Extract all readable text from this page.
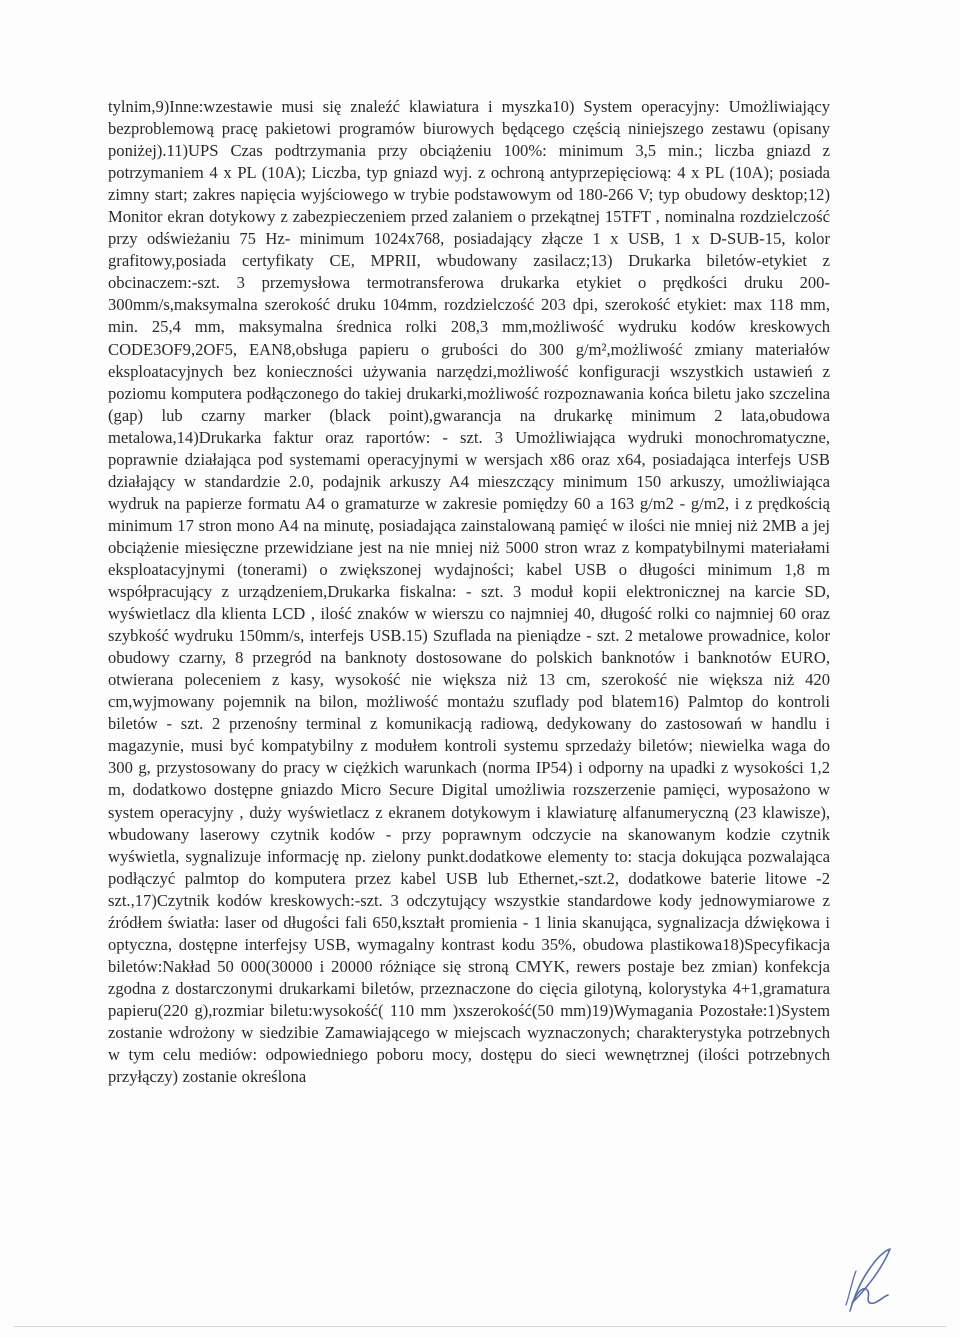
tylnim,9)Inne:wzestawie musi się znaleźć klawiatura i myszka10) System operacyjny: Umożliwiający bezproblemową pracę pakietowi programów biurowych będącego częścią niniejszego zestawu (opisany poniżej).11)UPS Czas podtrzymania przy obciążeniu 100%: minimum 3,5 min.; liczba gniazd z potrzymaniem 4 x PL (10A); Liczba, typ gniazd wyj. z ochroną antyprzepięciową: 4 x PL (10A); posiada zimny start; zakres napięcia wyjściowego w trybie podstawowym od 180-266 V; typ obudowy desktop;12) Monitor ekran dotykowy z zabezpieczeniem przed zalaniem o przekątnej 15TFT , nominalna rozdzielczość przy odświeżaniu 75 Hz- minimum 1024x768, posiadający złącze 1 x USB, 1 x D-SUB-15, kolor grafitowy,posiada certyfikaty CE, MPRII, wbudowany zasilacz;13) Drukarka biletów-etykiet z obcinaczem:-szt. 3 przemysłowa termotransferowa drukarka etykiet o prędkości druku 200-300mm/s,maksymalna szerokość druku 104mm, rozdzielczość 203 dpi, szerokość etykiet: max 118 mm, min. 25,4 mm, maksymalna średnica rolki 208,3 mm,możliwość wydruku kodów kreskowych CODE3OF9,2OF5, EAN8,obsługa papieru o grubości do 300 g/m²,możliwość zmiany materiałów eksploatacyjnych bez konieczności używania narzędzi,możliwość konfiguracji wszystkich ustawień z poziomu komputera podłączonego do takiej drukarki,możliwość rozpoznawania końca biletu jako szczelina (gap) lub czarny marker (black point),gwarancja na drukarkę minimum 2 lata,obudowa metalowa,14)Drukarka faktur oraz raportów: - szt. 3 Umożliwiająca wydruki monochromatyczne, poprawnie działająca pod systemami operacyjnymi w wersjach x86 oraz x64, posiadająca interfejs USB działający w standardzie 2.0, podajnik arkuszy A4 mieszczący minimum 150 arkuszy, umożliwiająca wydruk na papierze formatu A4 o gramaturze w zakresie pomiędzy 60 a 163 g/m2 - g/m2, i z prędkością minimum 17 stron mono A4 na minutę, posiadająca zainstalowaną pamięć w ilości nie mniej niż 2MB a jej obciążenie miesięczne przewidziane jest na nie mniej niż 5000 stron wraz z kompatybilnymi materiałami eksploatacyjnymi (tonerami) o zwiększonej wydajności; kabel USB o długości minimum 1,8 m współpracujący z urządzeniem,Drukarka fiskalna: - szt. 3 moduł kopii elektronicznej na karcie SD, wyświetlacz dla klienta LCD , ilość znaków w wierszu co najmniej 40, długość rolki co najmniej 60 oraz szybkość wydruku 150mm/s, interfejs USB.15) Szuflada na pieniądze - szt. 2 metalowe prowadnice, kolor obudowy czarny, 8 przegród na banknoty dostosowane do polskich banknotów i banknotów EURO, otwierana poleceniem z kasy, wysokość nie większa niż 13 cm, szerokość nie większa niż 420 cm,wyjmowany pojemnik na bilon, możliwość montażu szuflady pod blatem16) Palmtop do kontroli biletów - szt. 2 przenośny terminal z komunikacją radiową, dedykowany do zastosowań w handlu i magazynie, musi być kompatybilny z modułem kontroli systemu sprzedaży biletów; niewielka waga do 300 g, przystosowany do pracy w ciężkich warunkach (norma IP54) i odporny na upadki z wysokości 1,2 m, dodatkowo dostępne gniazdo Micro Secure Digital umożliwia rozszerzenie pamięci, wyposażono w system operacyjny , duży wyświetlacz z ekranem dotykowym i klawiaturę alfanumeryczną (23 klawisze), wbudowany laserowy czytnik kodów - przy poprawnym odczycie na skanowanym kodzie czytnik wyświetla, sygnalizuje informację np. zielony punkt.dodatkowe elementy to: stacja dokująca pozwalająca podłączyć palmtop do komputera przez kabel USB lub Ethernet,-szt.2, dodatkowe baterie litowe -2 szt.,17)Czytnik kodów kreskowych:-szt. 3 odczytujący wszystkie standardowe kody jednowymiarowe z źródłem światła: laser od długości fali 650,kształt promienia - 1 linia skanująca, sygnalizacja dźwiękowa i optyczna, dostępne interfejsy USB, wymagalny kontrast kodu 35%, obudowa plastikowa18)Specyfikacja biletów:Nakład 50 000(30000 i 20000 różniące się stroną CMYK, rewers postaje bez zmian) konfekcja zgodna z dostarczonymi drukarkami biletów, przeznaczone do cięcia gilotyną, kolorystyka 4+1,gramatura papieru(220 g),rozmiar biletu:wysokość( 110 mm )xszerokość(50 mm)19)Wymagania Pozostałe:1)System zostanie wdrożony w siedzibie Zamawiającego w miejscach wyznaczonych; charakterystyka potrzebnych w tym celu mediów: odpowiedniego poboru mocy, dostępu do sieci wewnętrznej (ilości potrzebnych przyłączy) zostanie określona
